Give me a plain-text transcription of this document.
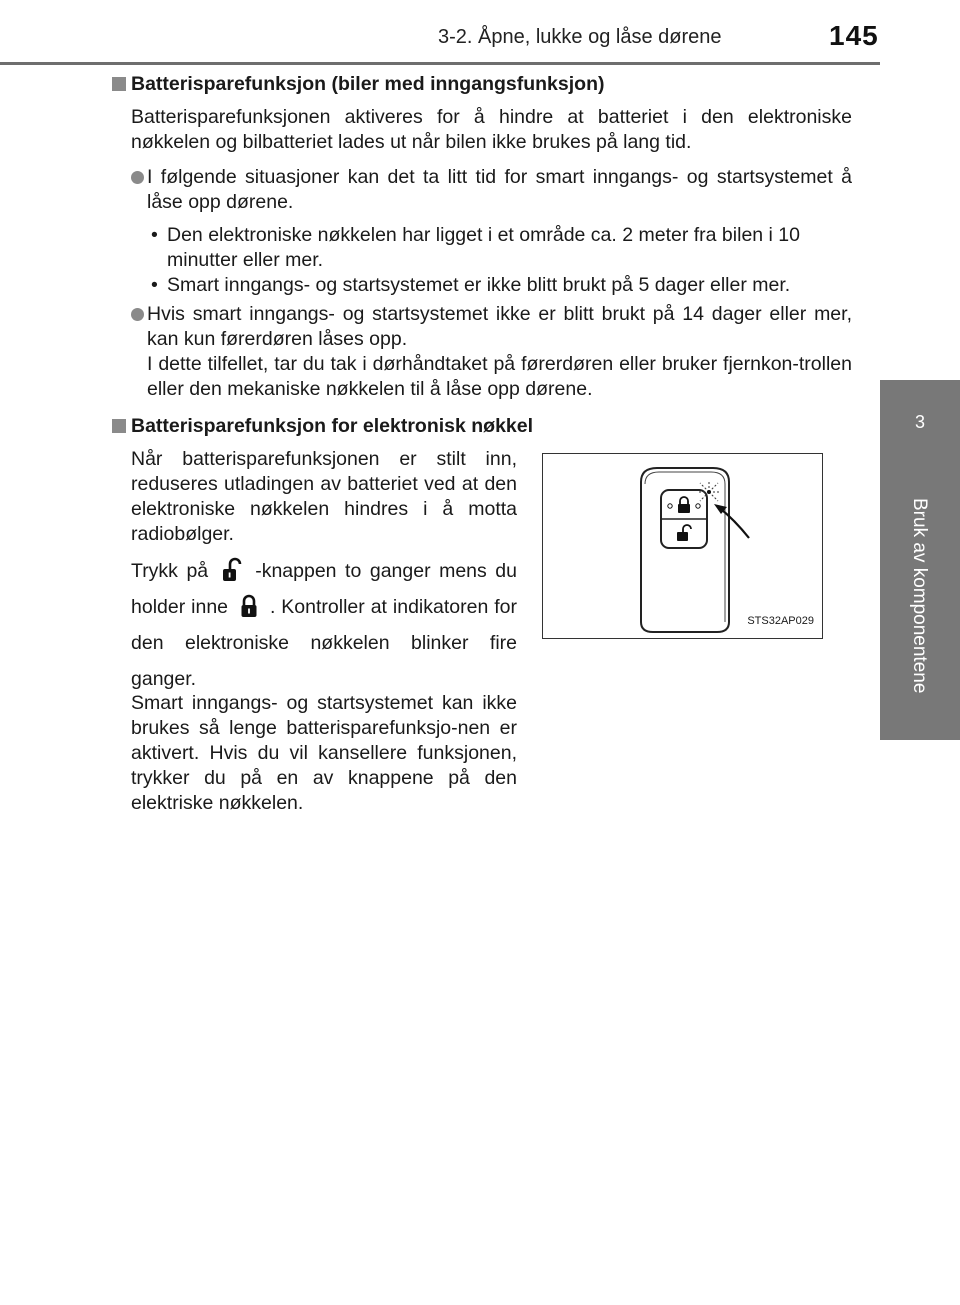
3-2. Åpne, lukke og låse dørene	145
3
Bruk av komponentene
Batterisparefunksjon (biler med inngangsfunksjon)

Batterisparefunksjonen aktiveres for å hindre at batteriet i den elektroniske nøkkelen og bilbatteriet lades ut når bilen ikke brukes på lang tid.

I følgende situasjoner kan det ta litt tid for smart inngangs- og startsystemet å låse opp dørene.
• Den elektroniske nøkkelen har ligget i et område ca. 2 meter fra bilen i 10 minutter eller mer.
• Smart inngangs- og startsystemet er ikke blitt brukt på 5 dager eller mer.
Hvis smart inngangs- og startsystemet ikke er blitt brukt på 14 dager eller mer, kan kun førerdøren låses opp.
I dette tilfellet, tar du tak i dørhåndtaket på førerdøren eller bruker fjernkon-trollen eller den mekaniske nøkkelen til å låse opp dørene.
Batterisparefunksjon for elektronisk nøkkel

Når batterisparefunksjonen er stilt inn, reduseres utladingen av batteriet ved at den elektroniske nøkkelen hindres i å motta radiobølger.

Trykk på -knappen to ganger mens du holder inne . Kontroller at indikatoren for den elektroniske nøkkelen blinker fire ganger.

Smart inngangs- og startsystemet kan ikke brukes så lenge batterisparefunksjo-nen er aktivert. Hvis du vil kansellere funksjonen, trykker du på en av knappene på den elektriske nøkkelen.

STS32AP029
